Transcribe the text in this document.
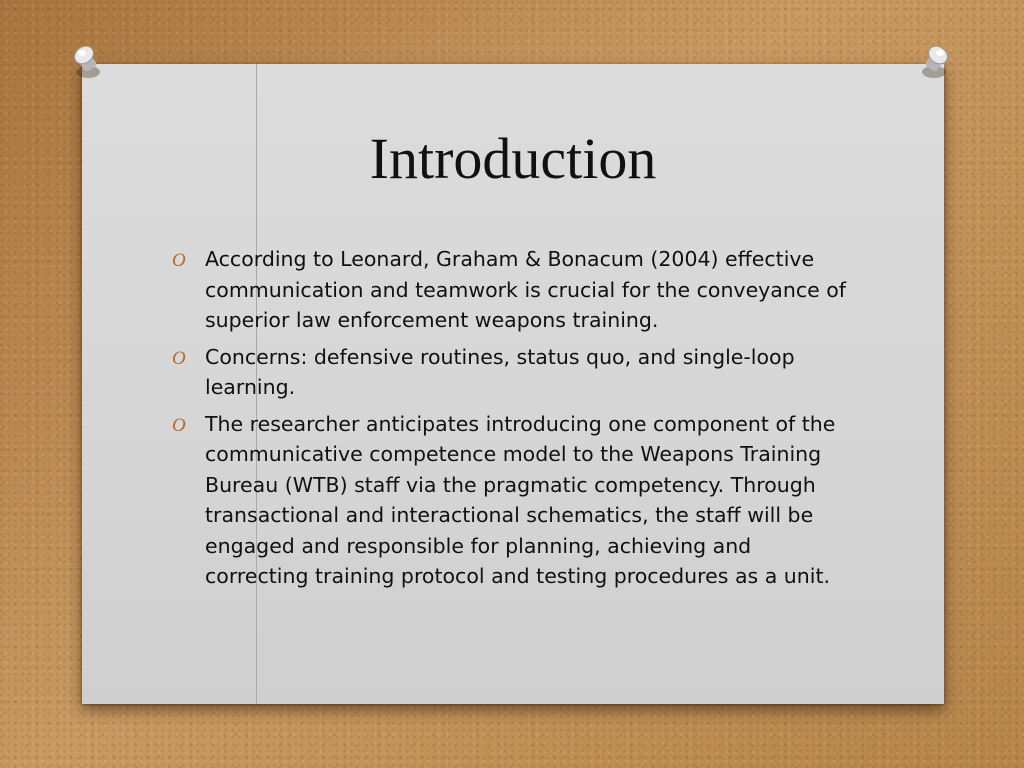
Introduction
O According to Leonard, Graham & Bonacum (2004) effective communication and teamwork is crucial for the conveyance of superior law enforcement weapons training.
O Concerns: defensive routines, status quo, and single-loop learning.
O The researcher anticipates introducing one component of the communicative competence model to the Weapons Training Bureau (WTB) staff via the pragmatic competency. Through transactional and interactional schematics, the staff will be engaged and responsible for planning, achieving and correcting training protocol and testing procedures as a unit.
